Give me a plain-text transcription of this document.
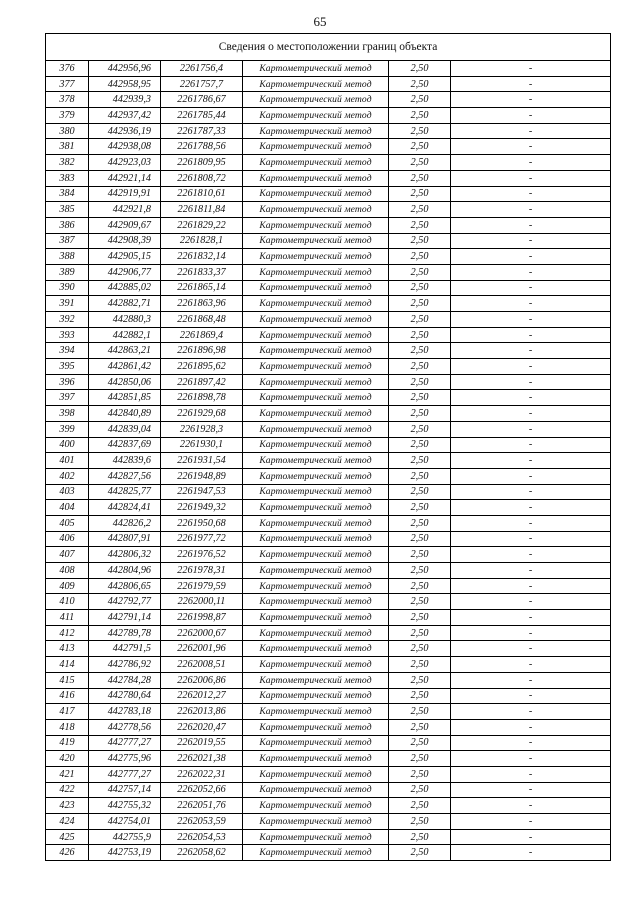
65
Сведения о местоположении границ объекта					
376	442956,96	2261756,4	Картометрический метод	2,50	-
377	442958,95	2261757,7	Картометрический метод	2,50	-
378	442939,3	2261786,67	Картометрический метод	2,50	-
379	442937,42	2261785,44	Картометрический метод	2,50	-
380	442936,19	2261787,33	Картометрический метод	2,50	-
381	442938,08	2261788,56	Картометрический метод	2,50	-
382	442923,03	2261809,95	Картометрический метод	2,50	-
383	442921,14	2261808,72	Картометрический метод	2,50	-
384	442919,91	2261810,61	Картометрический метод	2,50	-
385	442921,8	2261811,84	Картометрический метод	2,50	-
386	442909,67	2261829,22	Картометрический метод	2,50	-
387	442908,39	2261828,1	Картометрический метод	2,50	-
388	442905,15	2261832,14	Картометрический метод	2,50	-
389	442906,77	2261833,37	Картометрический метод	2,50	-
390	442885,02	2261865,14	Картометрический метод	2,50	-
391	442882,71	2261863,96	Картометрический метод	2,50	-
392	442880,3	2261868,48	Картометрический метод	2,50	-
393	442882,1	2261869,4	Картометрический метод	2,50	-
394	442863,21	2261896,98	Картометрический метод	2,50	-
395	442861,42	2261895,62	Картометрический метод	2,50	-
396	442850,06	2261897,42	Картометрический метод	2,50	-
397	442851,85	2261898,78	Картометрический метод	2,50	-
398	442840,89	2261929,68	Картометрический метод	2,50	-
399	442839,04	2261928,3	Картометрический метод	2,50	-
400	442837,69	2261930,1	Картометрический метод	2,50	-
401	442839,6	2261931,54	Картометрический метод	2,50	-
402	442827,56	2261948,89	Картометрический метод	2,50	-
403	442825,77	2261947,53	Картометрический метод	2,50	-
404	442824,41	2261949,32	Картометрический метод	2,50	-
405	442826,2	2261950,68	Картометрический метод	2,50	-
406	442807,91	2261977,72	Картометрический метод	2,50	-
407	442806,32	2261976,52	Картометрический метод	2,50	-
408	442804,96	2261978,31	Картометрический метод	2,50	-
409	442806,65	2261979,59	Картометрический метод	2,50	-
410	442792,77	2262000,11	Картометрический метод	2,50	-
411	442791,14	2261998,87	Картометрический метод	2,50	-
412	442789,78	2262000,67	Картометрический метод	2,50	-
413	442791,5	2262001,96	Картометрический метод	2,50	-
414	442786,92	2262008,51	Картометрический метод	2,50	-
415	442784,28	2262006,86	Картометрический метод	2,50	-
416	442780,64	2262012,27	Картометрический метод	2,50	-
417	442783,18	2262013,86	Картометрический метод	2,50	-
418	442778,56	2262020,47	Картометрический метод	2,50	-
419	442777,27	2262019,55	Картометрический метод	2,50	-
420	442775,96	2262021,38	Картометрический метод	2,50	-
421	442777,27	2262022,31	Картометрический метод	2,50	-
422	442757,14	2262052,66	Картометрический метод	2,50	-
423	442755,32	2262051,76	Картометрический метод	2,50	-
424	442754,01	2262053,59	Картометрический метод	2,50	-
425	442755,9	2262054,53	Картометрический метод	2,50	-
426	442753,19	2262058,62	Картометрический метод	2,50	-
